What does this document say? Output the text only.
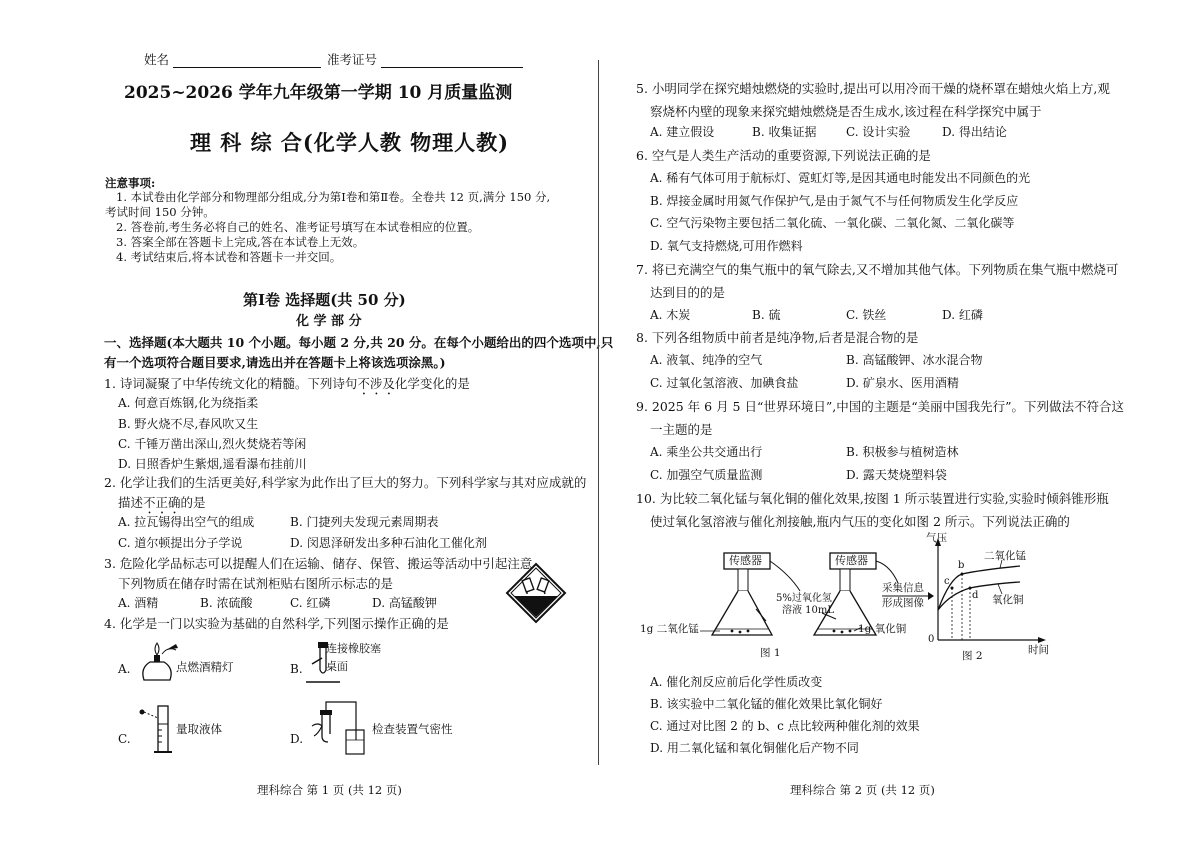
姓名	准考证号
2025~2026 学年九年级第一学期 10 月质量监测
理 科 综 合(化学人教 物理人教)
注意事项:
1. 本试卷由化学部分和物理部分组成,分为第Ⅰ卷和第Ⅱ卷。全卷共 12 页,满分 150 分,
考试时间 150 分钟。
2. 答卷前,考生务必将自己的姓名、准考证号填写在本试卷相应的位置。
3. 答案全部在答题卡上完成,答在本试卷上无效。
4. 考试结束后,将本试卷和答题卡一并交回。
第Ⅰ卷 选择题(共 50 分)
化 学 部 分
一、选择题(本大题共 10 个小题。每小题 2 分,共 20 分。在每个小题给出的四个选项中,只
有一个选项符合题目要求,请选出并在答题卡上将该选项涂黑。)
1. 诗词凝聚了中华传统文化的精髓。下列诗句不涉及化学变化的是
A. 何意百炼钢,化为绕指柔
B. 野火烧不尽,春风吹又生
C. 千锤万凿出深山,烈火焚烧若等闲
D. 日照香炉生紫烟,遥看瀑布挂前川
2. 化学让我们的生活更美好,科学家为此作出了巨大的努力。下列科学家与其对应成就的
描述不正确的是
A. 拉瓦锡得出空气的组成	B. 门捷列夫发现元素周期表
C. 道尔顿提出分子学说	D. 闵恩泽研发出多种石油化工催化剂
3. 危险化学品标志可以提醒人们在运输、储存、保管、搬运等活动中引起注意。
下列物质在储存时需在试剂柜贴右图所示标志的是
A. 酒精	B. 浓硫酸	C. 红磷	D. 高锰酸钾
4. 化学是一门以实验为基础的自然科学,下列图示操作正确的是
A.	点燃酒精灯	B.
连接橡胶塞
桌面
C.
量取液体
D.
检查装置气密性
理科综合 第 1 页 (共 12 页)
5. 小明同学在探究蜡烛燃烧的实验时,提出可以用冷而干燥的烧杯罩在蜡烛火焰上方,观
察烧杯内壁的现象来探究蜡烛燃烧是否生成水,该过程在科学探究中属于
A. 建立假设	B. 收集证据 C. 设计实验	D. 得出结论
6. 空气是人类生产活动的重要资源,下列说法正确的是
A. 稀有气体可用于航标灯、霓虹灯等,是因其通电时能发出不同颜色的光
B. 焊接金属时用氮气作保护气,是由于氮气不与任何物质发生化学反应
C. 空气污染物主要包括二氧化硫、一氧化碳、二氧化氮、二氧化碳等
D. 氧气支持燃烧,可用作燃料
7. 将已充满空气的集气瓶中的氧气除去,又不增加其他气体。下列物质在集气瓶中燃烧可
达到目的的是
A. 木炭	B. 硫	C. 铁丝	D. 红磷
8. 下列各组物质中前者是纯净物,后者是混合物的是
A. 液氧、纯净的空气	B. 高锰酸钾、冰水混合物
C. 过氧化氢溶液、加碘食盐	D. 矿泉水、医用酒精
9. 2025 年 6 月 5 日“世界环境日”,中国的主题是“美丽中国我先行”。下列做法不符合这
一主题的是
A. 乘坐公共交通出行	B. 积极参与植树造林
C. 加强空气质量监测	D. 露天焚烧塑料袋
10. 为比较二氧化锰与氧化铜的催化效果,按图 1 所示装置进行实验,实验时倾斜锥形瓶
使过氧化氢溶液与催化剂接触,瓶内气压的变化如图 2 所示。下列说法正确的
传感器	传感器
5%过氧化氢
溶液 10mL
1g 二氧化锰	1g 氧化铜
图 1
采集信息
形成图像
气压
二氧化锰
氧化铜
b
c
d
0
时间
图 2
A. 催化剂反应前后化学性质改变
B. 该实验中二氧化锰的催化效果比氧化铜好
C. 通过对比图 2 的 b、c 点比较两种催化剂的效果
D. 用二氧化锰和氧化铜催化后产物不同
理科综合 第 2 页 (共 12 页)
